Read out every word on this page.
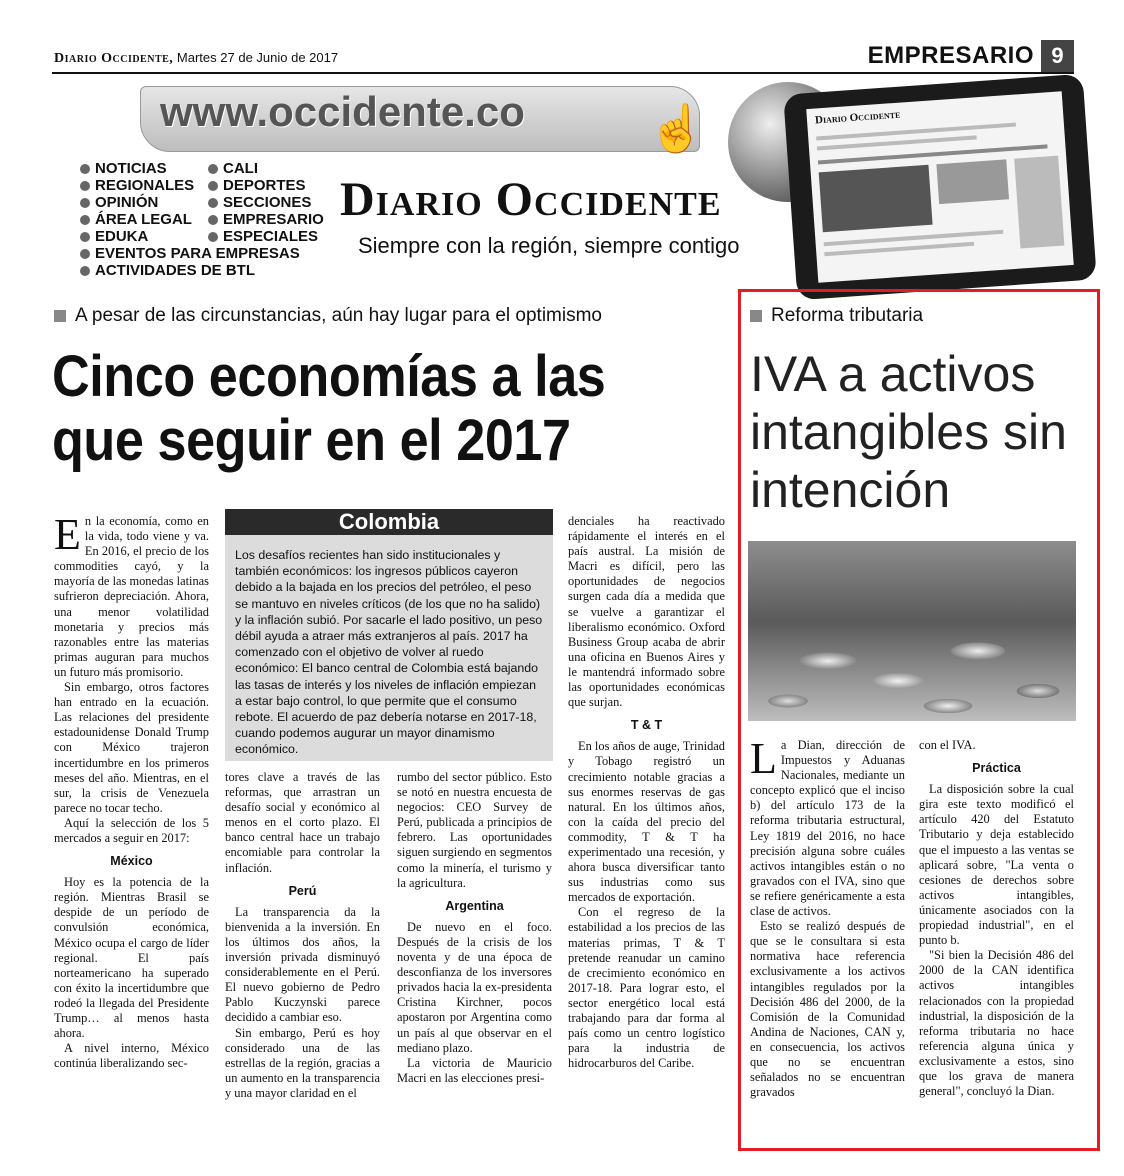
Diario Occidente, Martes 27 de Junio de 2017	EMPRESARIO 9
www.occidente.co	☝
NOTICIAS
REGIONALES
OPINIÓN
ÁREA LEGAL
EDUKA
EVENTOS PARA EMPRESAS
ACTIVIDADES DE BTL
CALI
DEPORTES
SECCIONES
EMPRESARIO
ESPECIALES
Diario Occidente
Siempre con la región, siempre contigo
Diario Occidente
A pesar de las circunstancias, aún hay lugar para el optimismo
Cinco economías a las que seguir en el 2017

En la economía, como en la vida, todo viene y va. En 2016, el precio de los commodities cayó, y la mayoría de las monedas latinas sufrieron depreciación. Ahora, una menor volatilidad monetaria y precios más razonables entre las materias primas auguran para muchos un futuro más promisorio.

Sin embargo, otros factores han entrado en la ecuación. Las relaciones del presidente estadounidense Donald Trump con México trajeron incertidumbre en los primeros meses del año. Mientras, en el sur, la crisis de Venezuela parece no tocar techo.

Aquí la selección de los 5 mercados a seguir en 2017:

México

Hoy es la potencia de la región. Mientras Brasil se despide de un período de convulsión económica, México ocupa el cargo de líder regional. El país norteamericano ha superado con éxito la incertidumbre que rodeó la llegada del Presidente Trump… al menos hasta ahora.

A nivel interno, México continúa liberalizando sec-

Colombia
Los desafíos recientes han sido institucionales y también económicos: los ingresos públicos cayeron debido a la bajada en los precios del petróleo, el peso se mantuvo en niveles críticos (de los que no ha salido) y la inflación subió. Por sacarle el lado positivo, un peso débil ayuda a atraer más extranjeros al país. 2017 ha comenzado con el objetivo de volver al ruedo económico: El banco central de Colombia está bajando las tasas de interés y los niveles de inflación empiezan a estar bajo control, lo que permite que el consumo rebote. El acuerdo de paz debería notarse en 2017-18, cuando podemos augurar un mayor dinamismo económico.

tores clave a través de las reformas, que arrastran un desafío social y económico al menos en el corto plazo. El banco central hace un trabajo encomiable para controlar la inflación.

Perú

La transparencia da la bienvenida a la inversión. En los últimos dos años, la inversión privada disminuyó considerablemente en el Perú. El nuevo gobierno de Pedro Pablo Kuczynski parece decidido a cambiar eso.

Sin embargo, Perú es hoy considerado una de las estrellas de la región, gracias a un aumento en la transparencia y una mayor claridad en el

rumbo del sector público. Esto se notó en nuestra encuesta de negocios: CEO Survey de Perú, publicada a principios de febrero. Las oportunidades siguen surgiendo en segmentos como la minería, el turismo y la agricultura.

Argentina

De nuevo en el foco. Después de la crisis de los noventa y de una época de desconfianza de los inversores privados hacia la ex-presidenta Cristina Kirchner, pocos apostaron por Argentina como un país al que observar en el mediano plazo.

La victoria de Mauricio Macri en las elecciones presi-

denciales ha reactivado rápidamente el interés en el país austral. La misión de Macri es difícil, pero las oportunidades de negocios surgen cada día a medida que se vuelve a garantizar el liberalismo económico. Oxford Business Group acaba de abrir una oficina en Buenos Aires y le mantendrá informado sobre las oportunidades económicas que surjan.

T & T

En los años de auge, Trinidad y Tobago registró un crecimiento notable gracias a sus enormes reservas de gas natural. En los últimos años, con la caída del precio del commodity, T & T ha experimentado una recesión, y ahora busca diversificar tanto sus industrias como sus mercados de exportación.

Con el regreso de la estabilidad a los precios de las materias primas, T & T pretende reanudar un camino de crecimiento económico en 2017-18. Para lograr esto, el sector energético local está trabajando para dar forma al país como un centro logístico para la industria de hidrocarburos del Caribe.

Reforma tributaria
IVA a activos intangibles sin intención

La Dian, dirección de Impuestos y Aduanas Nacionales, mediante un concepto explicó que el inciso b) del artículo 173 de la reforma tributaria estructural, Ley 1819 del 2016, no hace precisión alguna sobre cuáles activos intangibles están o no gravados con el IVA, sino que se refiere genéricamente a esta clase de activos.

Esto se realizó después de que se le consultara si esta normativa hace referencia exclusivamente a los activos intangibles regulados por la Decisión 486 del 2000, de la Comisión de la Comunidad Andina de Naciones, CAN y, en consecuencia, los activos que no se encuentran señalados no se encuentran gravados

con el IVA.

Práctica

La disposición sobre la cual gira este texto modificó el artículo 420 del Estatuto Tributario y deja establecido que el impuesto a las ventas se aplicará sobre, "La venta o cesiones de derechos sobre activos intangibles, únicamente asociados con la propiedad industrial", en el punto b.

"Si bien la Decisión 486 del 2000 de la CAN identifica activos intangibles relacionados con la propiedad industrial, la disposición de la reforma tributaria no hace referencia alguna única y exclusivamente a estos, sino que los grava de manera general", concluyó la Dian.
